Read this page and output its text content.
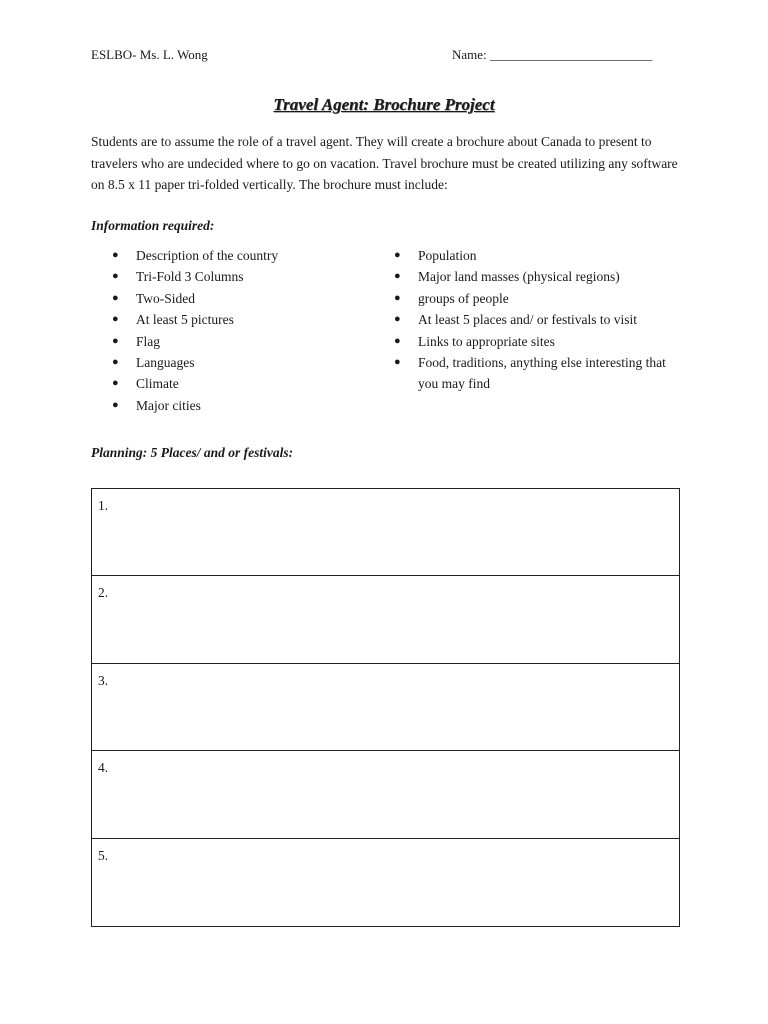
ESLBO- Ms. L. Wong	Name: _________________________
Travel Agent: Brochure Project

Students are to assume the role of a travel agent. They will create a brochure about Canada to present to travelers who are undecided where to go on vacation. Travel brochure must be created utilizing any software on 8.5 x 11 paper tri-folded vertically. The brochure must include:

Information required:
● Description of the country
● Tri-Fold 3 Columns
● Two-Sided
● At least 5 pictures
● Flag
● Languages
● Climate
● Major cities
● Population
● Major land masses (physical regions)
● groups of people
● At least 5 places and/ or festivals to visit
● Links to appropriate sites
● Food, traditions, anything else interesting that you may find
Planning: 5 Places/ and or festivals:
1.
2.
3.
4.
5.
